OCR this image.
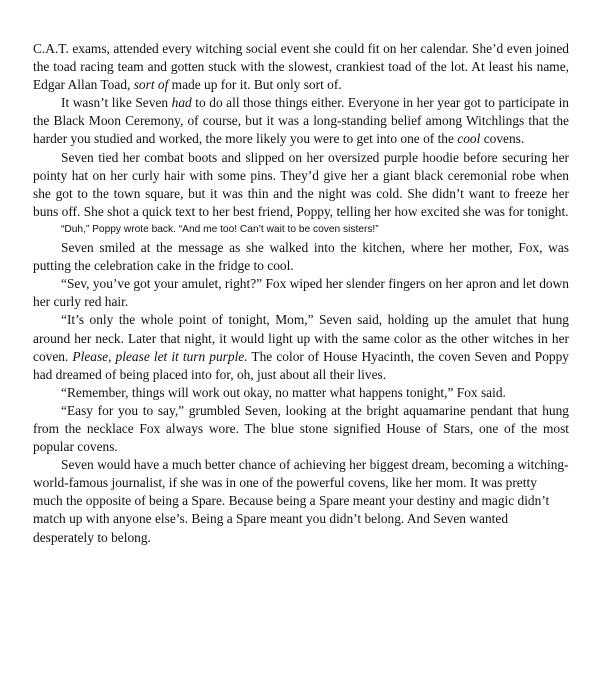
C.A.T. exams, attended every witching social event she could fit on her calendar. She’d even joined the toad racing team and gotten stuck with the slowest, crankiest toad of the lot. At least his name, Edgar Allan Toad, sort of made up for it. But only sort of.

It wasn’t like Seven had to do all those things either. Everyone in her year got to participate in the Black Moon Ceremony, of course, but it was a long-standing belief among Witchlings that the harder you studied and worked, the more likely you were to get into one of the cool covens.

Seven tied her combat boots and slipped on her oversized purple hoodie before securing her pointy hat on her curly hair with some pins. They’d give her a giant black ceremonial robe when she got to the town square, but it was thin and the night was cold. She didn’t want to freeze her buns off. She shot a quick text to her best friend, Poppy, telling her how excited she was for tonight.

“Duh,” Poppy wrote back. “And me too! Can’t wait to be coven sisters!”

Seven smiled at the message as she walked into the kitchen, where her mother, Fox, was putting the celebration cake in the fridge to cool.

“Sev, you’ve got your amulet, right?” Fox wiped her slender fingers on her apron and let down her curly red hair.

“It’s only the whole point of tonight, Mom,” Seven said, holding up the amulet that hung around her neck. Later that night, it would light up with the same color as the other witches in her coven. Please, please let it turn purple. The color of House Hyacinth, the coven Seven and Poppy had dreamed of being placed into for, oh, just about all their lives.

“Remember, things will work out okay, no matter what happens tonight,” Fox said.

“Easy for you to say,” grumbled Seven, looking at the bright aquamarine pendant that hung from the necklace Fox always wore. The blue stone signified House of Stars, one of the most popular covens.

Seven would have a much better chance of achieving her biggest dream, becoming a witching-world-famous journalist, if she was in one of the powerful covens, like her mom. It was pretty much the opposite of being a Spare. Because being a Spare meant your destiny and magic didn’t match up with anyone else’s. Being a Spare meant you didn’t belong. And Seven wanted desperately to belong.
